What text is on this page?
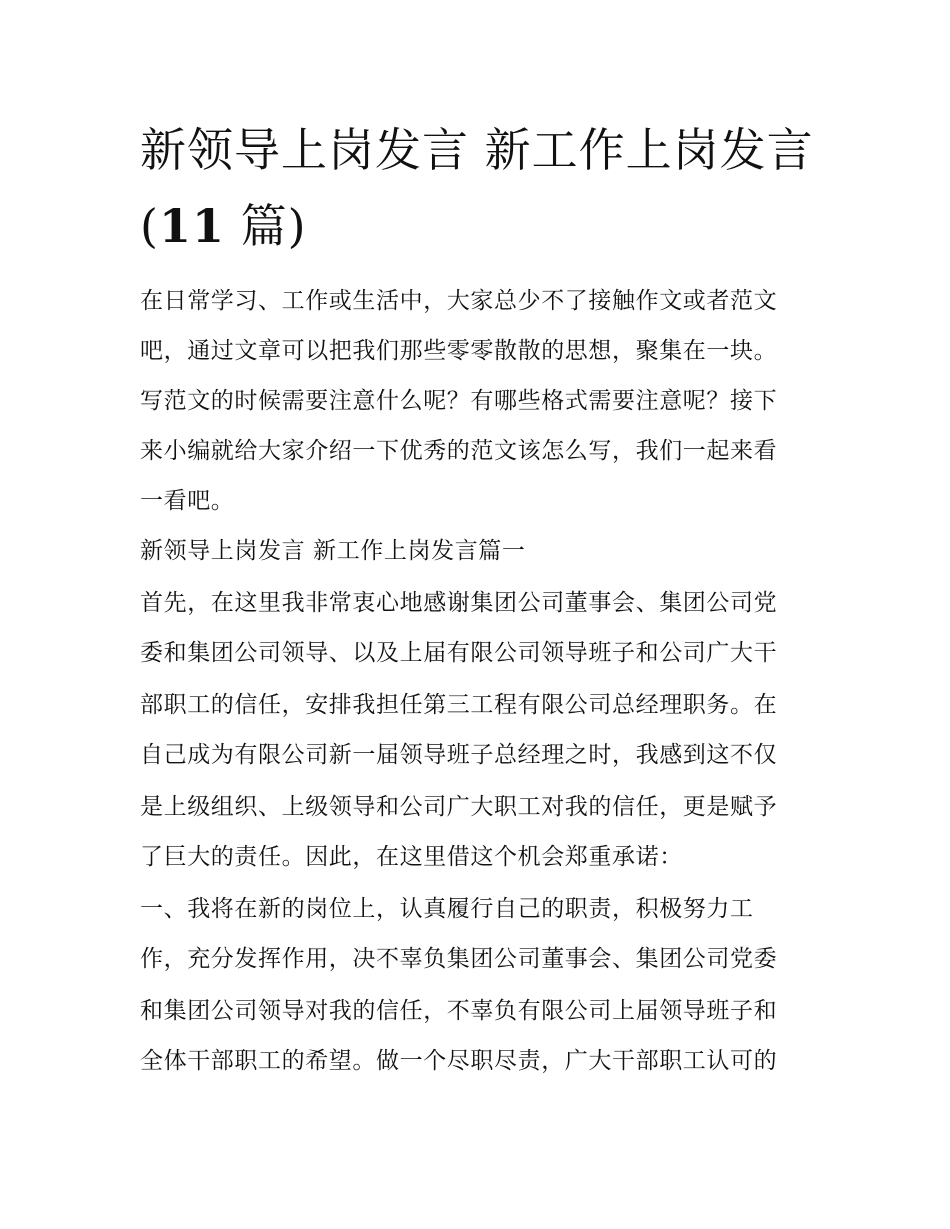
新领导上岗发言 新工作上岗发言(11 篇)

在日常学习、工作或生活中，大家总少不了接触作文或者范文

吧，通过文章可以把我们那些零零散散的思想，聚集在一块。

写范文的时候需要注意什么呢？有哪些格式需要注意呢？接下

来小编就给大家介绍一下优秀的范文该怎么写，我们一起来看

一看吧。

新领导上岗发言 新工作上岗发言篇一

首先，在这里我非常衷心地感谢集团公司董事会、集团公司党

委和集团公司领导、以及上届有限公司领导班子和公司广大干

部职工的信任，安排我担任第三工程有限公司总经理职务。在

自己成为有限公司新一届领导班子总经理之时，我感到这不仅

是上级组织、上级领导和公司广大职工对我的信任，更是赋予

了巨大的责任。因此，在这里借这个机会郑重承诺：

一、我将在新的岗位上，认真履行自己的职责，积极努力工

作，充分发挥作用，决不辜负集团公司董事会、集团公司党委

和集团公司领导对我的信任，不辜负有限公司上届领导班子和

全体干部职工的希望。做一个尽职尽责，广大干部职工认可的
